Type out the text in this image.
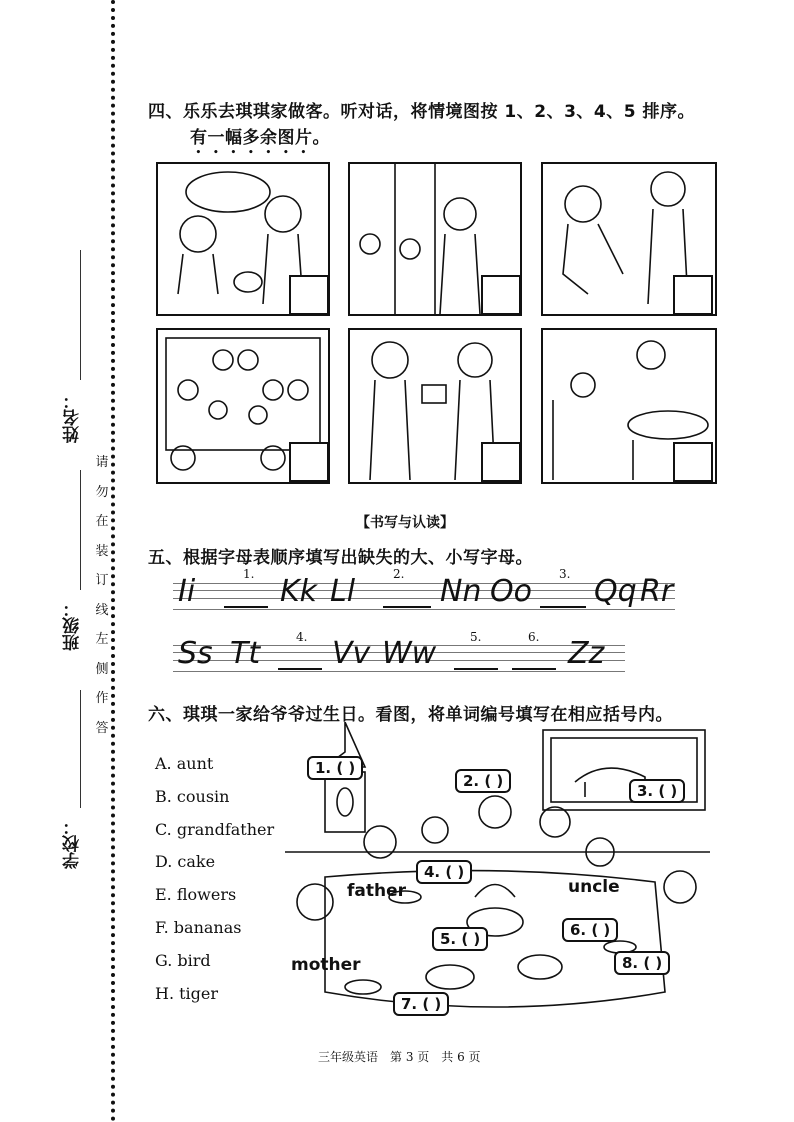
姓名：
班级：
学校：
请
勿
在
装
订
线
左
侧
作
答
四、乐乐去琪琪家做客。听对话，将情境图按 1、2、3、4、5 排序。
有一幅多余图片。
【书写与认读】
五、根据字母表顺序填写出缺失的大、小写字母。
1.	2.	3.
Ii	Kk Ll	Nn Oo Qq Rr
4.	5.	6.
Ss Tt Vv Ww	Zz
六、琪琪一家给爷爷过生日。看图，将单词编号填写在相应括号内。
A. aunt
B. cousin
C. grandfather
D. cake
E. flowers
F. bananas
G. bird
H. tiger
1. ( )
2. ( )
3. ( )
4. ( )
5. ( )	6. ( )
7. ( )
8. ( )
father	uncle
mother
三年级英语　第 3 页　共 6 页
